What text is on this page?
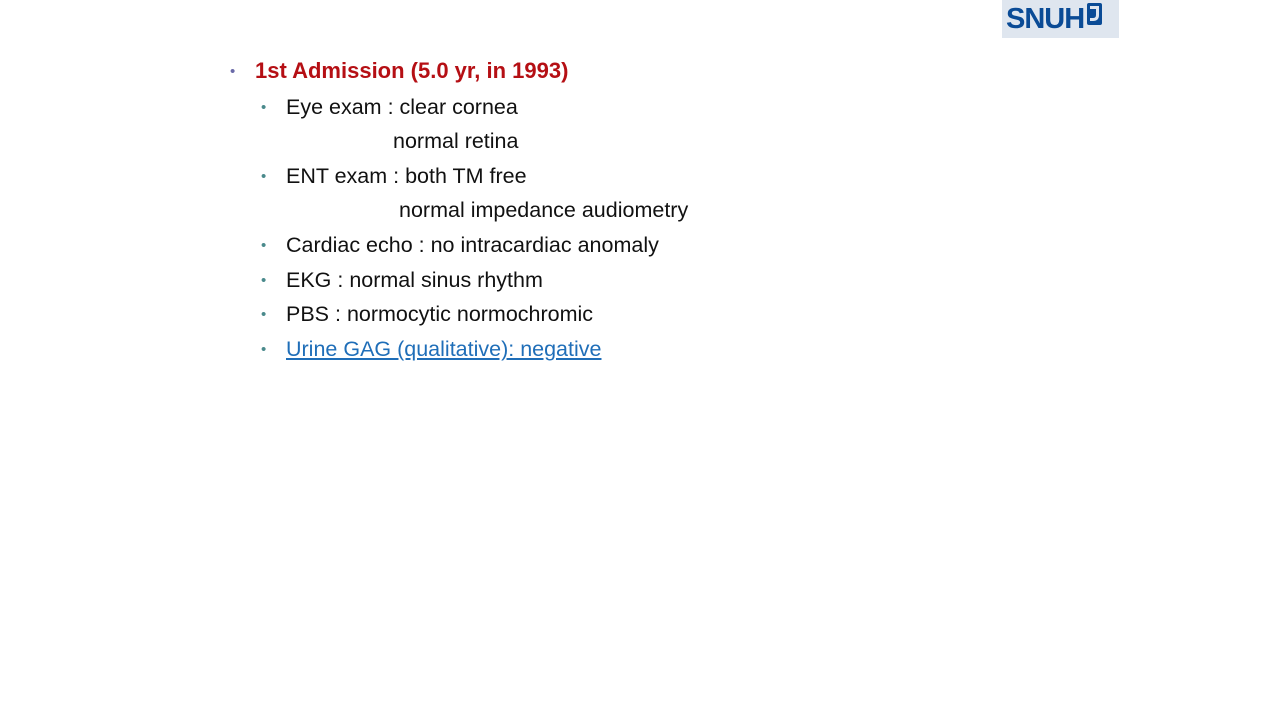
SNUH
• 1st Admission (5.0 yr, in 1993)
• Eye exam : clear cornea
normal retina
• ENT exam : both TM free
normal impedance audiometry
• Cardiac echo : no intracardiac anomaly
• EKG : normal sinus rhythm
• PBS : normocytic normochromic
• Urine GAG (qualitative): negative
